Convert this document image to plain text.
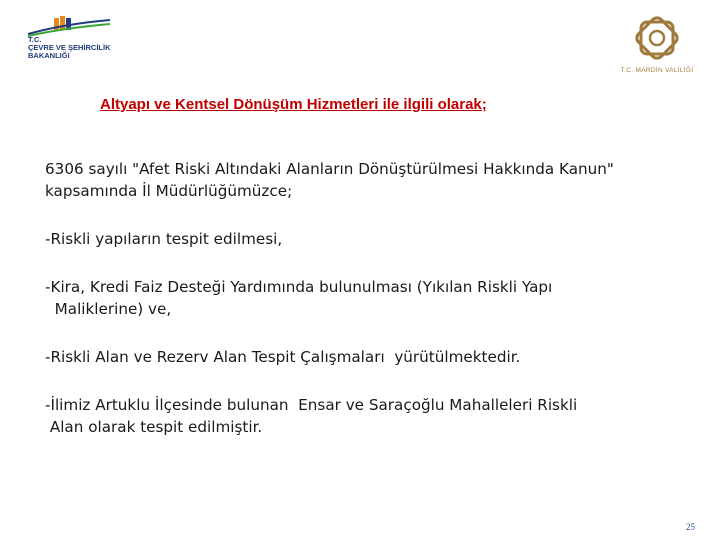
T.C.
ÇEVRE VE ŞEHİRCİLİK
BAKANLIĞI
T.C. MARDİN VALİLİĞİ
Altyapı ve Kentsel Dönüşüm Hizmetleri ile ilgili olarak;

6306 sayılı "Afet Riski Altındaki Alanların Dönüştürülmesi Hakkında Kanun" kapsamında İl Müdürlüğümüzce;

-Riskli yapıların tespit edilmesi,

-Kira, Kredi Faiz Desteği Yardımında bulunulması (Yıkılan Riskli Yapı
Maliklerine) ve,

-Riskli Alan ve Rezerv Alan Tespit Çalışmaları  yürütülmektedir.

-İlimiz Artuklu İlçesinde bulunan  Ensar ve Saraçoğlu Mahalleleri Riskli
Alan olarak tespit edilmiştir.

25
